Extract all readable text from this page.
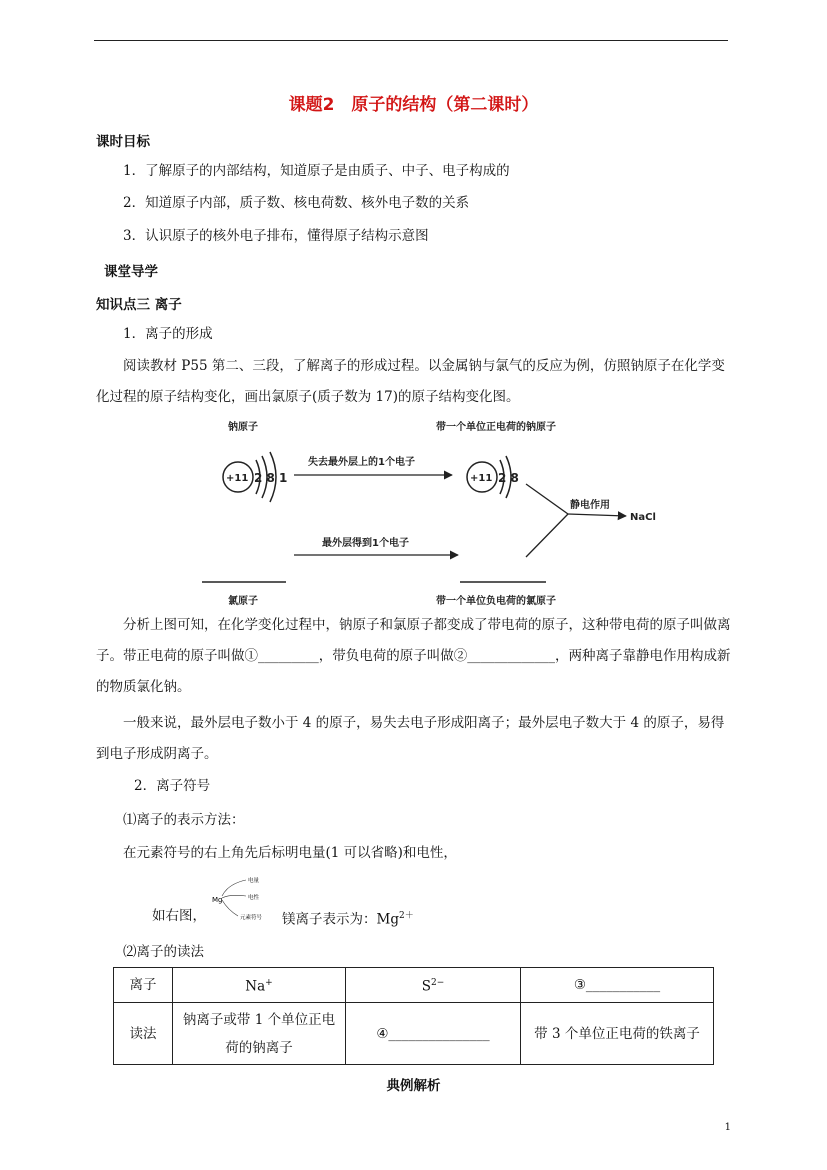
课题2　原子的结构（第二课时）
课时目标
1．了解原子的内部结构，知道原子是由质子、中子、电子构成的
2．知道原子内部，质子数、核电荷数、核外电子数的关系
3．认识原子的核外电子排布，懂得原子结构示意图
课堂导学
知识点三 离子
1．离子的形成
阅读教材 P55 第二、三段，了解离子的形成过程。以金属钠与氯气的反应为例，仿照钠原子在化学变化过程的原子结构变化，画出氯原子(质子数为 17)的原子结构变化图。
钠原子	带一个单位正电荷的钠原子
+11 2 8 1
失去最外层上的1个电子
+11 2 8
静电作用
NaCl
最外层得到1个电子
氯原子	带一个单位负电荷的氯原子
分析上图可知，在化学变化过程中，钠原子和氯原子都变成了带电荷的原子，这种带电荷的原子叫做离子。带正电荷的原子叫做①_________，带负电荷的原子叫做②_____________，两种离子靠静电作用构成新的物质氯化钠。
一般来说，最外层电子数小于 4 的原子，易失去电子形成阳离子；最外层电子数大于 4 的原子，易得到电子形成阴离子。
2．离子符号
⑴离子的表示方法：
在元素符号的右上角先后标明电量(1 可以省略)和电性，
Mg
电量
电性
元素符号
如右图，	镁离子表示为：$Mg^{2+}$
⑵离子的读法
离子	Na+	$S^{2-}$	③___________
读法	钠离子或带 1 个单位正电荷的钠离子	④_______________	带 3 个单位正电荷的铁离子
典例解析
1
